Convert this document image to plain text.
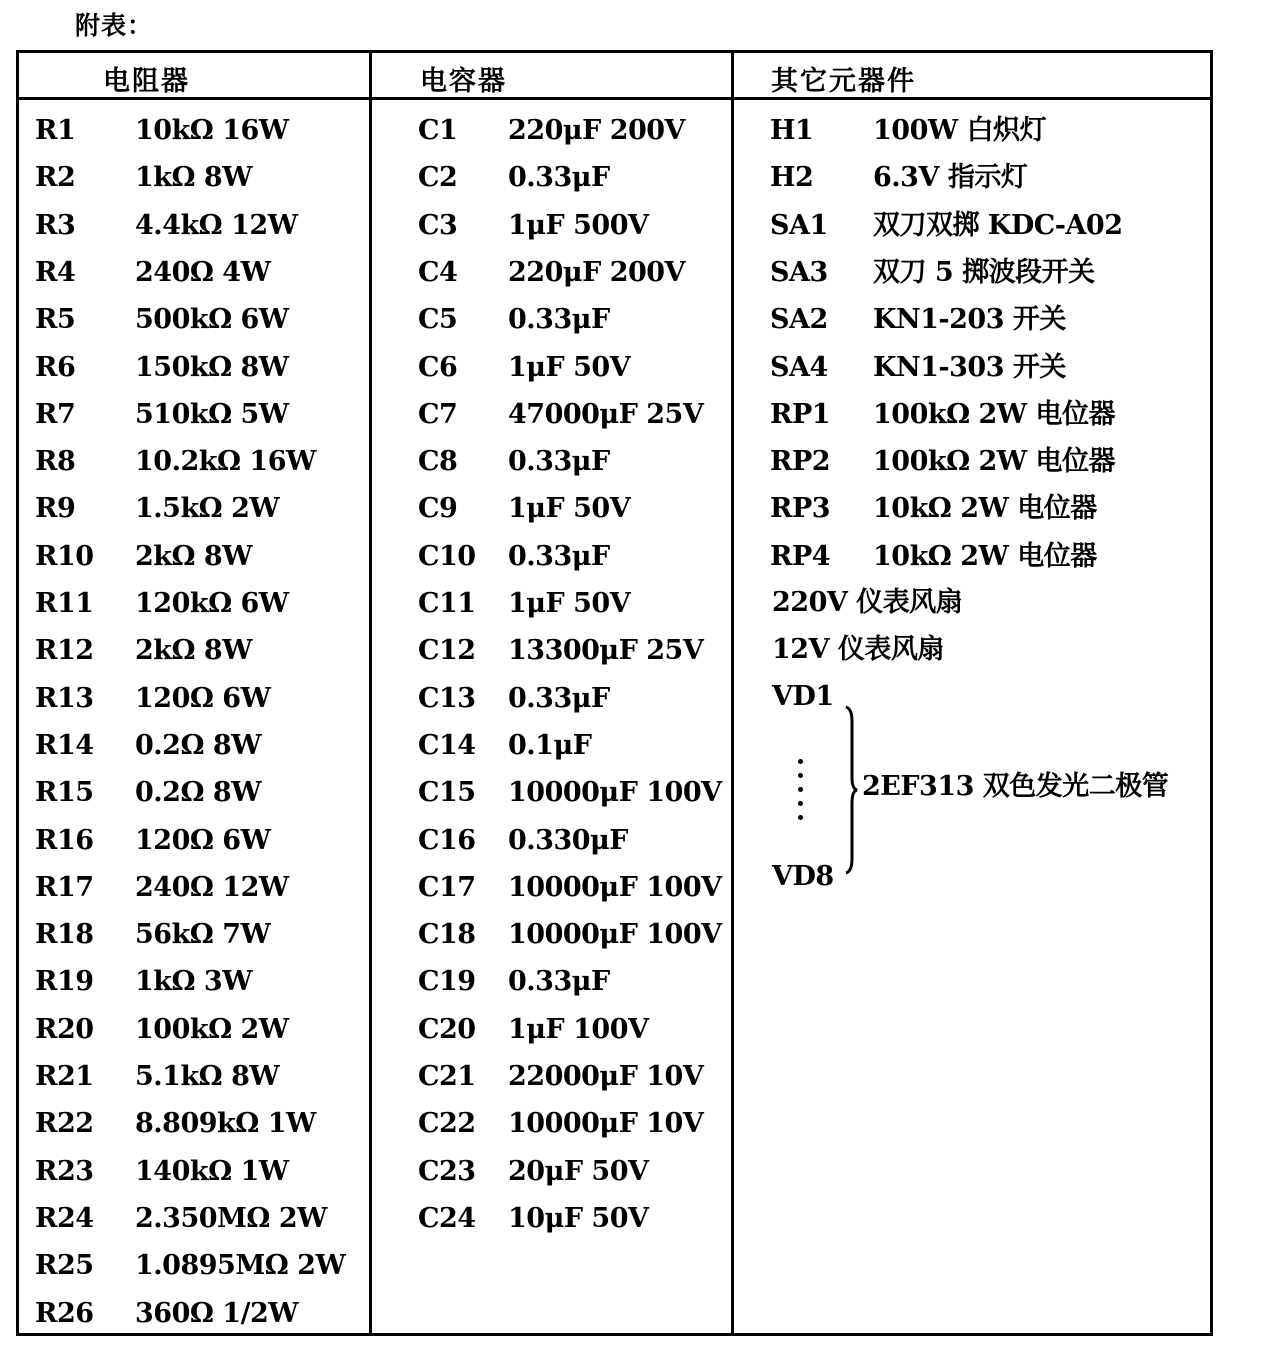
附表：
电阻器	电容器	其它元器件
R1 10kΩ 16W
R2 1kΩ 8W
R3 4.4kΩ 12W
R4 240Ω 4W
R5 500kΩ 6W
R6 150kΩ 8W
R7 510kΩ 5W
R8 10.2kΩ 16W
R9 1.5kΩ 2W
R10 2kΩ 8W
R11 120kΩ 6W
R12 2kΩ 8W
R13 120Ω 6W
R14 0.2Ω 8W
R15 0.2Ω 8W
R16 120Ω 6W
R17 240Ω 12W
R18 56kΩ 7W
R19 1kΩ 3W
R20 100kΩ 2W
R21 5.1kΩ 8W
R22 8.809kΩ 1W
R23 140kΩ 1W
R24 2.350MΩ 2W
R25 1.0895MΩ 2W
R26 360Ω 1/2W
C1 220μF 200V
C2 0.33μF
C3 1μF 500V
C4 220μF 200V
C5 0.33μF
C6 1μF 50V
C7 47000μF 25V
C8 0.33μF
C9 1μF 50V
C10 0.33μF
C11 1μF 50V
C12 13300μF 25V
C13 0.33μF
C14 0.1μF
C15 10000μF 100V
C16 0.330μF
C17 10000μF 100V
C18 10000μF 100V
C19 0.33μF
C20 1μF 100V
C21 22000μF 10V
C22 10000μF 10V
C23 20μF 50V
C24 10μF 50V
H1 100W 白炽灯
H2 6.3V 指示灯
SA1 双刀双掷 KDC-A02
SA3 双刀 5 掷波段开关
SA2 KN1-203 开关
SA4 KN1-303 开关
RP1 100kΩ 2W 电位器
RP2 100kΩ 2W 电位器
RP3 10kΩ 2W 电位器
RP4 10kΩ 2W 电位器
220V 仪表风扇
12V 仪表风扇
VD1
VD8
2EF313 双色发光二极管
